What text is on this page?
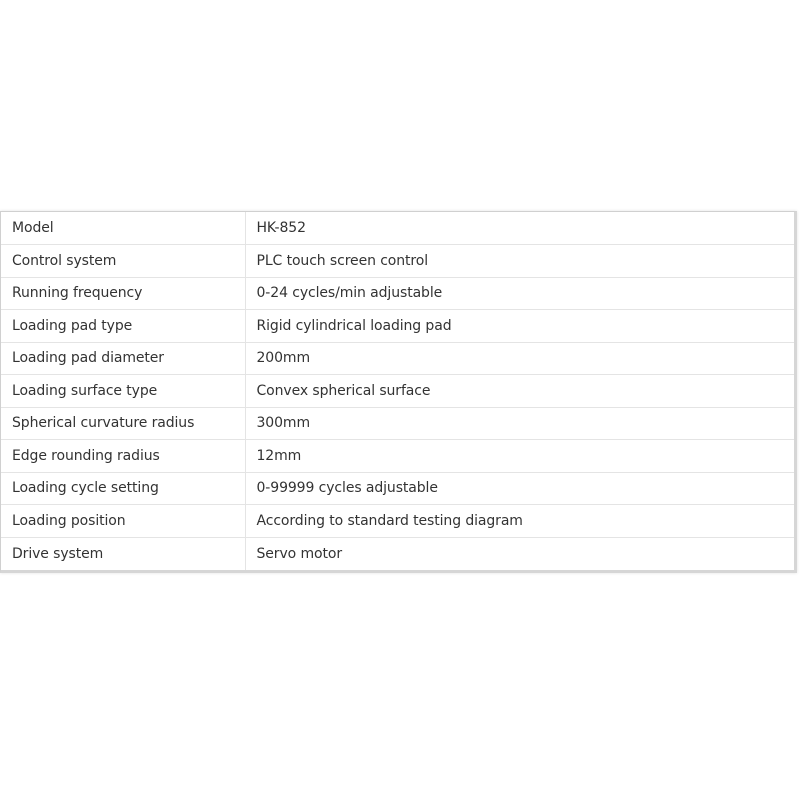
Model	HK-852
Control system	PLC touch screen control
Running frequency	0-24 cycles/min adjustable
Loading pad type	Rigid cylindrical loading pad
Loading pad diameter	200mm
Loading surface type	Convex spherical surface
Spherical curvature radius	300mm
Edge rounding radius	12mm
Loading cycle setting	0-99999 cycles adjustable
Loading position	According to standard testing diagram
Drive system	Servo motor
